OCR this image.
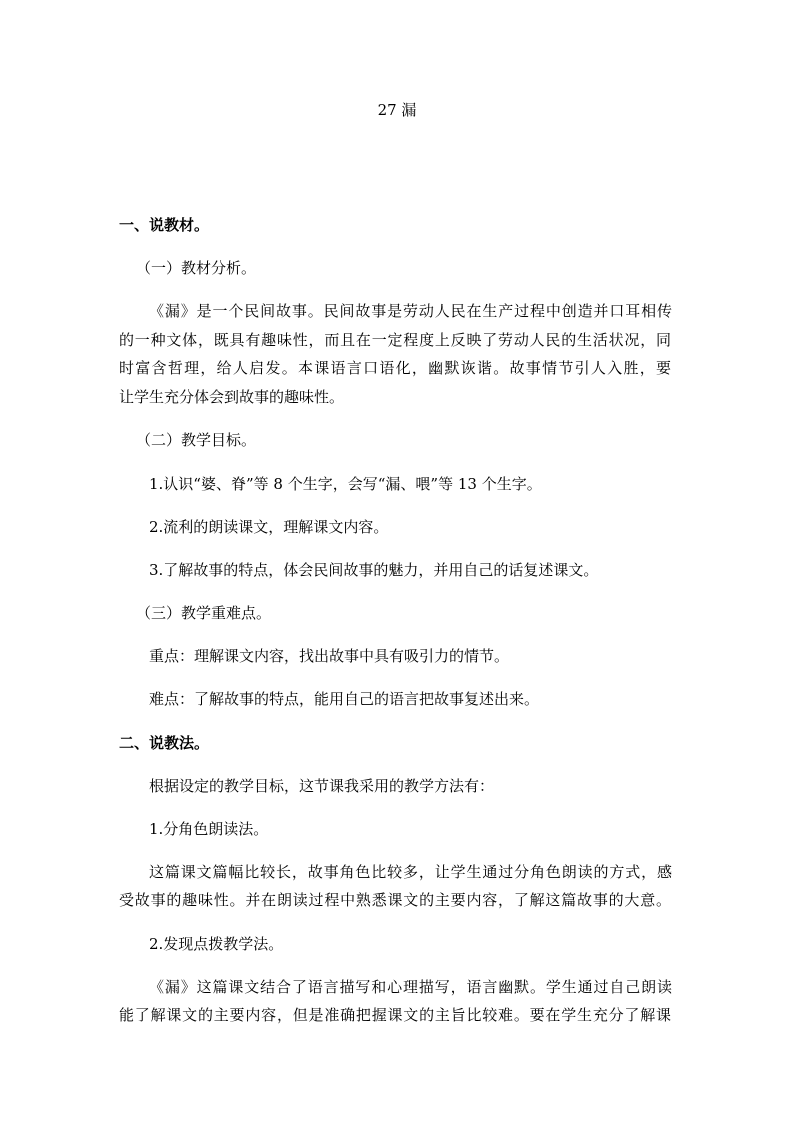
27 漏
一、说教材。
（一）教材分析。
《漏》是一个民间故事。民间故事是劳动人民在生产过程中创造并口耳相传
的一种文体，既具有趣味性，而且在一定程度上反映了劳动人民的生活状况，同
时富含哲理，给人启发。本课语言口语化，幽默诙谐。故事情节引人入胜，要
让学生充分体会到故事的趣味性。
（二）教学目标。
1.认识“婆、脊”等 8 个生字，会写“漏、喂”等 13 个生字。
2.流利的朗读课文，理解课文内容。
3.了解故事的特点，体会民间故事的魅力，并用自己的话复述课文。
（三）教学重难点。
重点：理解课文内容，找出故事中具有吸引力的情节。
难点：了解故事的特点，能用自己的语言把故事复述出来。
二、说教法。
根据设定的教学目标，这节课我采用的教学方法有：
1.分角色朗读法。
这篇课文篇幅比较长，故事角色比较多，让学生通过分角色朗读的方式，感
受故事的趣味性。并在朗读过程中熟悉课文的主要内容，了解这篇故事的大意。
2.发现点拨教学法。
《漏》这篇课文结合了语言描写和心理描写，语言幽默。学生通过自己朗读
能了解课文的主要内容，但是准确把握课文的主旨比较难。要在学生充分了解课
